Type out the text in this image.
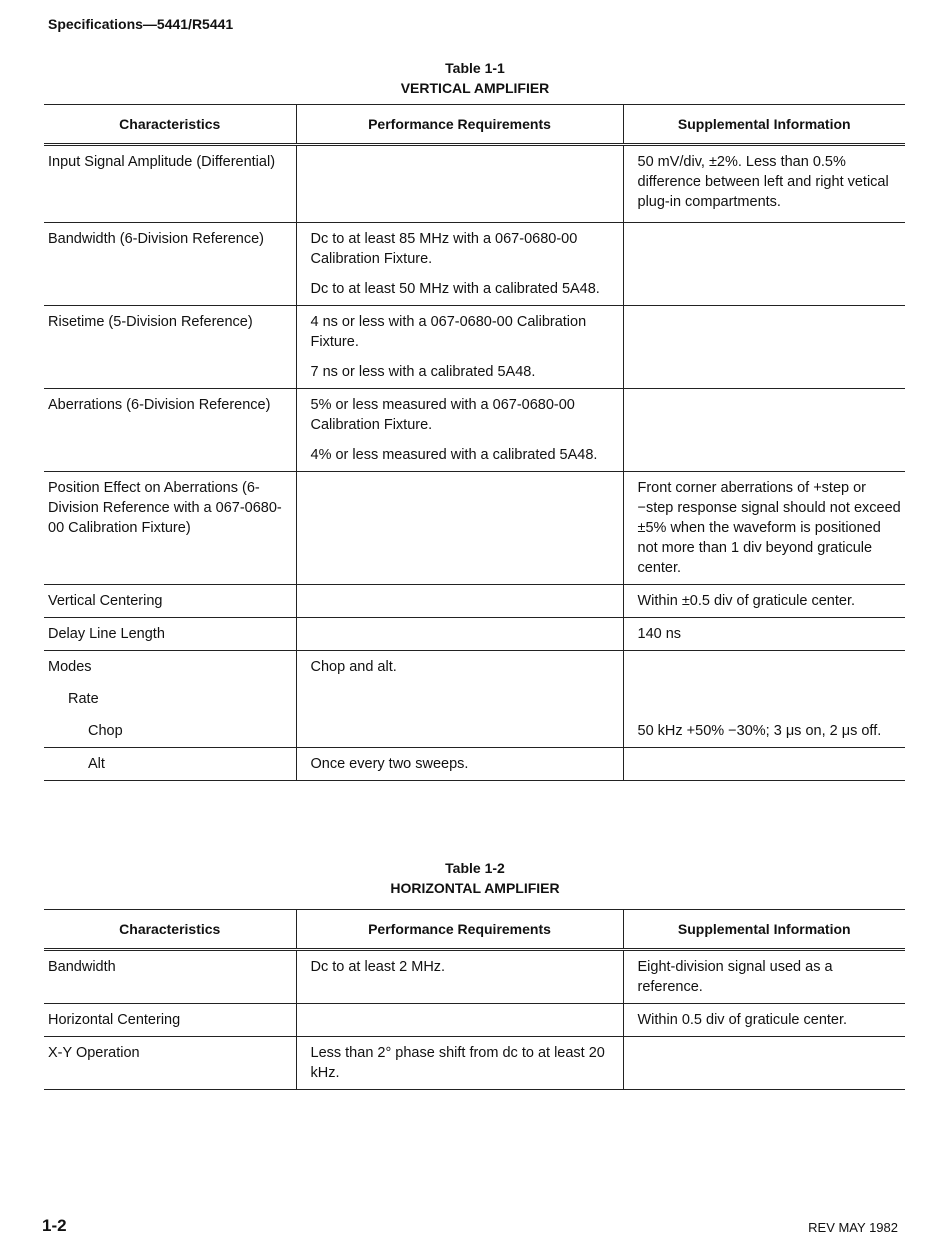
Specifications—5441/R5441
Table 1-1
VERTICAL AMPLIFIER
Characteristics	Performance Requirements	Supplemental Information
Input Signal Amplitude (Differential)		50 mV/div, ±2%. Less than 0.5% difference between left and right vetical plug-in compartments.
Bandwidth (6-Division Reference)	Dc to at least 85 MHz with a 067-0680-00 Calibration Fixture.
Dc to at least 50 MHz with a calibrated 5A48.	

Risetime (5-Division Reference)	4 ns or less with a 067-0680-00 Calibration Fixture.
7 ns or less with a calibrated 5A48.	

Aberrations (6-Division Reference)	5% or less measured with a 067-0680-00 Calibration Fixture.
4% or less measured with a calibrated 5A48.	

Position Effect on Aberrations (6-Division Reference with a 067-0680-00 Calibration Fixture)		Front corner aberrations of +step or −step response signal should not exceed ±5% when the waveform is positioned not more than 1 div beyond graticule center.
Vertical Centering		Within ±0.5 div of graticule center.
Delay Line Length		140 ns
Modes	Chop and alt.	
Rate		
Chop		50 kHz +50% −30%; 3 μs on, 2 μs off.
Alt	Once every two sweeps.	
Table 1-2
HORIZONTAL AMPLIFIER
Characteristics	Performance Requirements	Supplemental Information
Bandwidth	Dc to at least 2 MHz.	Eight-division signal used as a reference.
Horizontal Centering		Within 0.5 div of graticule center.
X-Y Operation	Less than 2° phase shift from dc to at least 20 kHz.	
1-2	REV MAY 1982
